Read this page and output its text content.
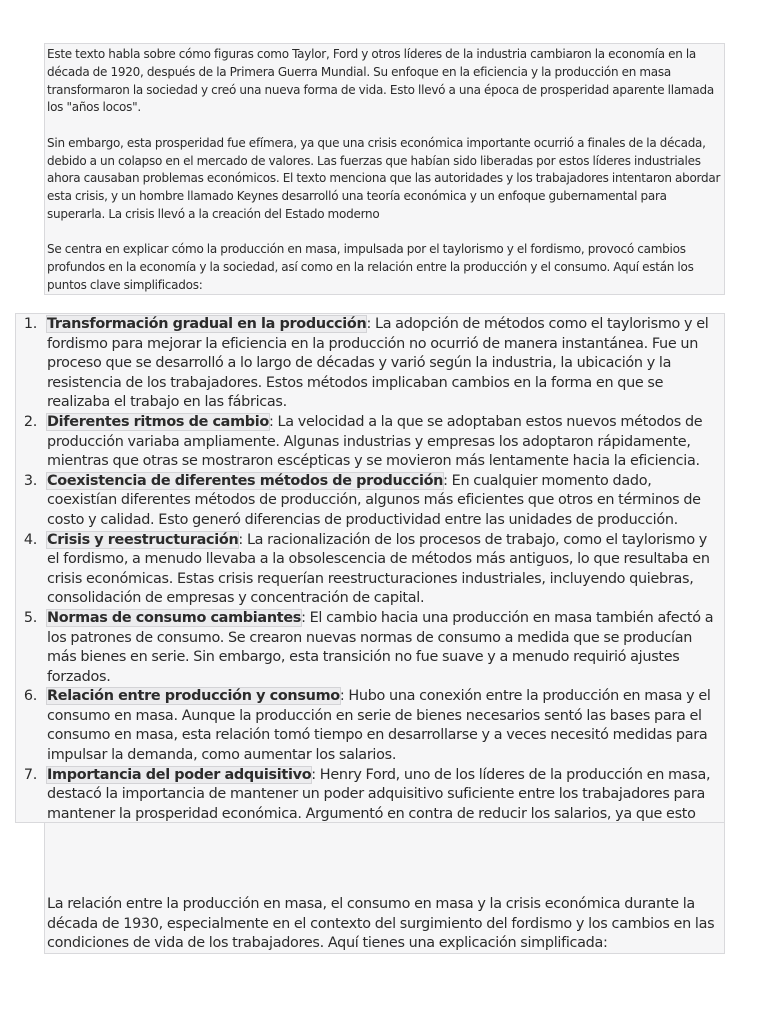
Este texto habla sobre cómo figuras como Taylor, Ford y otros líderes de la industria cambiaron la economía en la década de 1920, después de la Primera Guerra Mundial. Su enfoque en la eficiencia y la producción en masa transformaron la sociedad y creó una nueva forma de vida. Esto llevó a una época de prosperidad aparente llamada los "años locos".

Sin embargo, esta prosperidad fue efímera, ya que una crisis económica importante ocurrió a finales de la década, debido a un colapso en el mercado de valores. Las fuerzas que habían sido liberadas por estos líderes industriales ahora causaban problemas económicos. El texto menciona que las autoridades y los trabajadores intentaron abordar esta crisis, y un hombre llamado Keynes desarrolló una teoría económica y un enfoque gubernamental para superarla. La crisis llevó a la creación del Estado moderno

Se centra en explicar cómo la producción en masa, impulsada por el taylorismo y el fordismo, provocó cambios profundos en la economía y la sociedad, así como en la relación entre la producción y el consumo. Aquí están los puntos clave simplificados:

1. Transformación gradual en la producción: La adopción de métodos como el taylorismo y el fordismo para mejorar la eficiencia en la producción no ocurrió de manera instantánea. Fue un proceso que se desarrolló a lo largo de décadas y varió según la industria, la ubicación y la resistencia de los trabajadores. Estos métodos implicaban cambios en la forma en que se realizaba el trabajo en las fábricas.
2. Diferentes ritmos de cambio: La velocidad a la que se adoptaban estos nuevos métodos de producción variaba ampliamente. Algunas industrias y empresas los adoptaron rápidamente, mientras que otras se mostraron escépticas y se movieron más lentamente hacia la eficiencia.
3. Coexistencia de diferentes métodos de producción: En cualquier momento dado, coexistían diferentes métodos de producción, algunos más eficientes que otros en términos de costo y calidad. Esto generó diferencias de productividad entre las unidades de producción.
4. Crisis y reestructuración: La racionalización de los procesos de trabajo, como el taylorismo y el fordismo, a menudo llevaba a la obsolescencia de métodos más antiguos, lo que resultaba en crisis económicas. Estas crisis requerían reestructuraciones industriales, incluyendo quiebras, consolidación de empresas y concentración de capital.
5. Normas de consumo cambiantes: El cambio hacia una producción en masa también afectó a los patrones de consumo. Se crearon nuevas normas de consumo a medida que se producían más bienes en serie. Sin embargo, esta transición no fue suave y a menudo requirió ajustes forzados.
6. Relación entre producción y consumo: Hubo una conexión entre la producción en masa y el consumo en masa. Aunque la producción en serie de bienes necesarios sentó las bases para el consumo en masa, esta relación tomó tiempo en desarrollarse y a veces necesitó medidas para impulsar la demanda, como aumentar los salarios.
7. Importancia del poder adquisitivo: Henry Ford, uno de los líderes de la producción en masa, destacó la importancia de mantener un poder adquisitivo suficiente entre los trabajadores para mantener la prosperidad económica. Argumentó en contra de reducir los salarios, ya que esto

La relación entre la producción en masa, el consumo en masa y la crisis económica durante la década de 1930, especialmente en el contexto del surgimiento del fordismo y los cambios en las condiciones de vida de los trabajadores. Aquí tienes una explicación simplificada:
